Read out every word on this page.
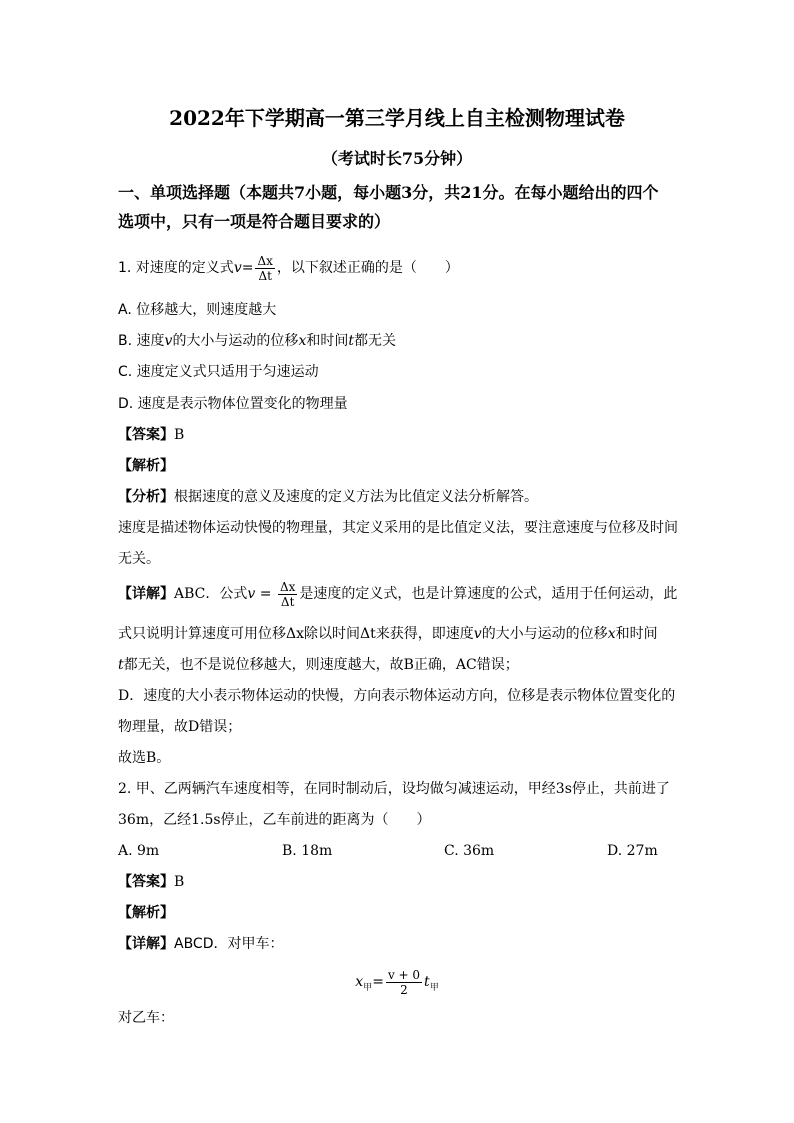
2022年下学期高一第三学月线上自主检测物理试卷
（考试时长75分钟）
一、单项选择题（本题共7小题，每小题3分，共21分。在每小题给出的四个
选项中，只有一项是符合题目要求的）
1. 对速度的定义式$v= \frac{\Delta x}{\Delta t}$ ，以下叙述正确的是（　　）
A. 位移越大，则速度越大
B. 速度v的大小与运动的位移x和时间t都无关
C. 速度定义式只适用于匀速运动
D. 速度是表示物体位置变化的物理量
【答案】B
【解析】
【分析】根据速度的意义及速度的定义方法为比值定义法分析解答。
速度是描述物体运动快慢的物理量，其定义采用的是比值定义法，要注意速度与位移及时间
无关。
【详解】ABC．公式$v = \frac{\Delta x}{\Delta t}$ 是速度的定义式，也是计算速度的公式，适用于任何运动，此
式只说明计算速度可用位移Δx除以时间Δt来获得，即速度v的大小与运动的位移x和时间
t都无关，也不是说位移越大，则速度越大，故B正确，AC错误；
D．速度的大小表示物体运动的快慢，方向表示物体运动方向，位移是表示物体位置变化的
物理量，故D错误；
故选B。
2. 甲、乙两辆汽车速度相等，在同时制动后，设均做匀减速运动，甲经3s停止，共前进了
36m，乙经1.5s停止，乙车前进的距离为（　　）
A. 9m	B. 18m	C. 36m	D. 27m
【答案】B
【解析】
【详解】ABCD．对甲车：
$x_甲= \frac{v + 0}{2} t_甲$
对乙车：
